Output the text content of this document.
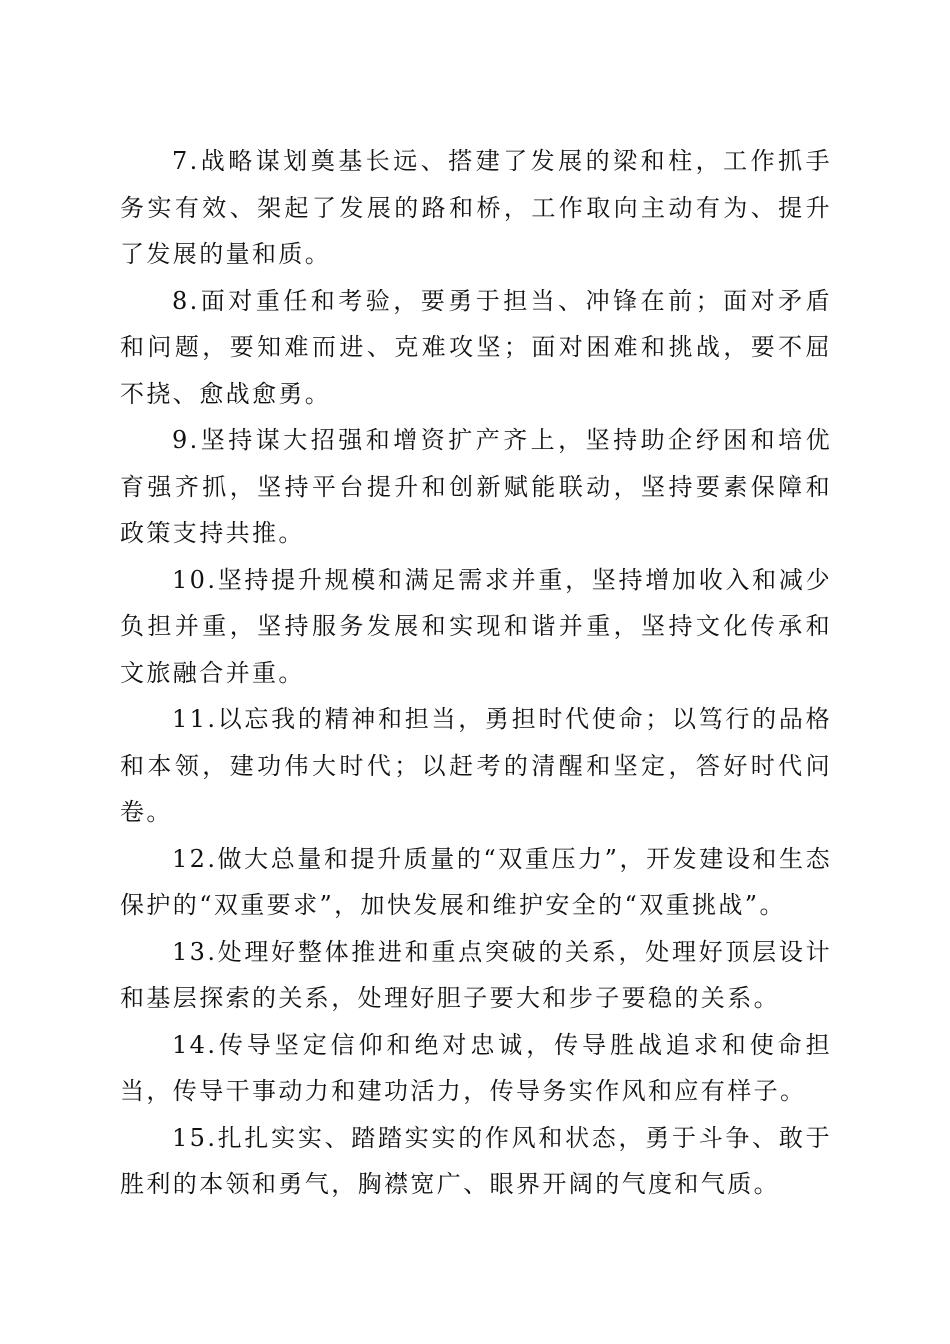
7.战略谋划奠基长远、搭建了发展的梁和柱，工作抓手务实有效、架起了发展的路和桥，工作取向主动有为、提升了发展的量和质。

8.面对重任和考验，要勇于担当、冲锋在前；面对矛盾和问题，要知难而进、克难攻坚；面对困难和挑战，要不屈不挠、愈战愈勇。

9.坚持谋大招强和增资扩产齐上，坚持助企纾困和培优育强齐抓，坚持平台提升和创新赋能联动，坚持要素保障和政策支持共推。

10.坚持提升规模和满足需求并重，坚持增加收入和减少负担并重，坚持服务发展和实现和谐并重，坚持文化传承和文旅融合并重。

11.以忘我的精神和担当，勇担时代使命；以笃行的品格和本领，建功伟大时代；以赶考的清醒和坚定，答好时代问卷。

12.做大总量和提升质量的“双重压力”，开发建设和生态保护的“双重要求”，加快发展和维护安全的“双重挑战”。

13.处理好整体推进和重点突破的关系，处理好顶层设计和基层探索的关系，处理好胆子要大和步子要稳的关系。

14.传导坚定信仰和绝对忠诚，传导胜战追求和使命担当，传导干事动力和建功活力，传导务实作风和应有样子。

15.扎扎实实、踏踏实实的作风和状态，勇于斗争、敢于胜利的本领和勇气，胸襟宽广、眼界开阔的气度和气质。
